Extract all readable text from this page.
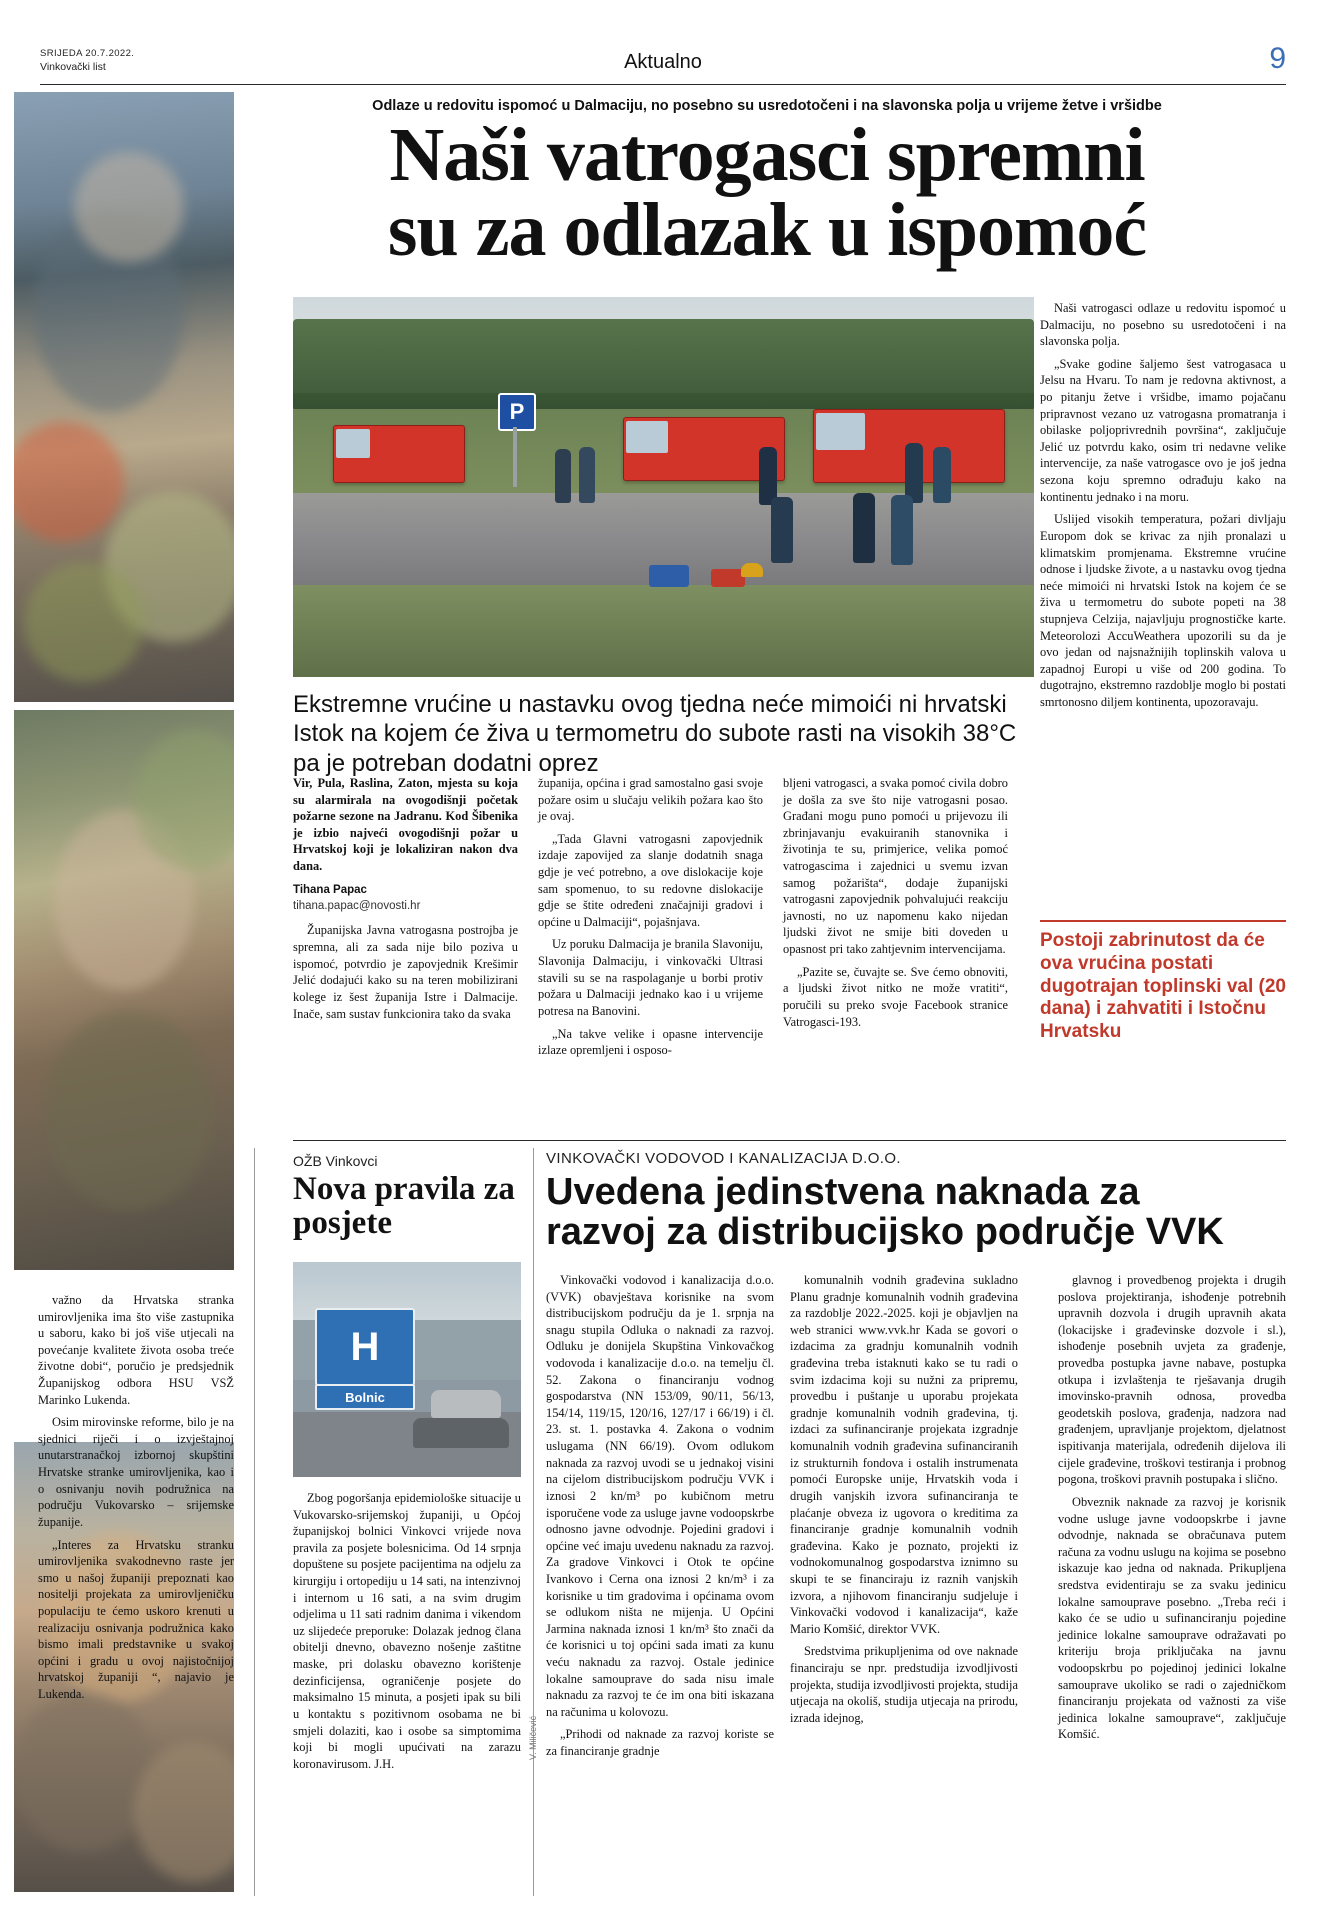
SRIJEDA 20.7.2022.
Vinkovački list	Aktualno	9
Odlaze u redovitu ispomoć u Dalmaciju, no posebno su usredotočeni i na slavonska polja u vrijeme žetve i vršidbe
Naši vatrogasci spremni
su za odlazak u ispomoć
P
Ekstremne vrućine u nastavku ovog tjedna neće mimoići ni hrvatski Istok na kojem će živa u termometru do subote rasti na visokih 38°C pa je potreban dodatni oprez

Vir, Pula, Raslina, Zaton, mjesta su koja su alarmirala na ovogodišnji početak požarne sezone na Jadranu. Kod Šibenika je izbio najveći ovogodišnji požar u Hrvatskoj koji je lokaliziran nakon dva dana.

Tihana Papac
tihana.papac@novosti.hr

Županijska Javna vatrogasna postrojba je spremna, ali za sada nije bilo poziva u ispomoć, potvrdio je zapovjednik Krešimir Jelić dodajući kako su na teren mobilizirani kolege iz šest županija Istre i Dalmacije. Inače, sam sustav funkcionira tako da svaka

županija, općina i grad samostalno gasi svoje požare osim u slučaju velikih požara kao što je ovaj.

„Tada Glavni vatrogasni zapovjednik izdaje zapovijed za slanje dodatnih snaga gdje je već potrebno, a ove dislokacije koje sam spomenuo, to su redovne dislokacije gdje se štite određeni značajniji gradovi i općine u Dalmaciji“, pojašnjava.

Uz poruku Dalmacija je branila Slavoniju, Slavonija Dalmaciju, i vinkovački Ultrasi stavili su se na raspolaganje u borbi protiv požara u Dalmaciji jednako kao i u vrijeme potresa na Banovini.

„Na takve velike i opasne intervencije izlaze opremljeni i osposo-

bljeni vatrogasci, a svaka pomoć civila dobro je došla za sve što nije vatrogasni posao. Građani mogu puno pomoći u prijevozu ili zbrinjavanju evakuiranih stanovnika i životinja te su, primjerice, velika pomoć vatrogascima i zajednici u svemu izvan samog požarišta“, dodaje županijski vatrogasni zapovjednik pohvalujući reakciju javnosti, no uz napomenu kako nijedan ljudski život ne smije biti doveden u opasnost pri tako zahtjevnim intervencijama.

„Pazite se, čuvajte se. Sve ćemo obnoviti, a ljudski život nitko ne može vratiti“, poručili su preko svoje Facebook stranice Vatrogasci-193.

Naši vatrogasci odlaze u redovitu ispomoć u Dalmaciju, no posebno su usredotočeni i na slavonska polja.

„Svake godine šaljemo šest vatrogasaca u Jelsu na Hvaru. To nam je redovna aktivnost, a po pitanju žetve i vršidbe, imamo pojačanu pripravnost vezano uz vatrogasna promatranja i obilaske poljoprivrednih površina“, zaključuje Jelić uz potvrdu kako, osim tri nedavne velike intervencije, za naše vatrogasce ovo je još jedna sezona koju spremno odrađuju kako na kontinentu jednako i na moru.

Uslijed visokih temperatura, požari divljaju Europom dok se krivac za njih pronalazi u klimatskim promjenama. Ekstremne vrućine odnose i ljudske živote, a u nastavku ovog tjedna neće mimoići ni hrvatski Istok na kojem će se živa u termometru do subote popeti na 38 stupnjeva Celzija, najavljuju prognostičke karte. Meteorolozi AccuWeathera upozorili su da je ovo jedan od najsnažnijih toplinskih valova u zapadnoj Europi u više od 200 godina. To dugotrajno, ekstremno razdoblje moglo bi postati smrtonosno diljem kontinenta, upozoravaju.

Postoji zabrinutost da će ova vrućina postati dugotrajan toplinski val (20 dana) i zahvatiti i Istočnu Hrvatsku

važno da Hrvatska stranka umirovljenika ima što više zastupnika u saboru, kako bi još više utjecali na povećanje kvalitete života osoba treće životne dobi“, poručio je predsjednik Županijskog odbora HSU VSŽ Marinko Lukenda.

Osim mirovinske reforme, bilo je na sjednici riječi i o izvještajnoj unutarstranačkoj izbornoj skupštini Hrvatske stranke umirovljenika, kao i o osnivanju novih podružnica na području Vukovarsko – srijemske županije.

„Interes za Hrvatsku stranku umirovljenika svakodnevno raste jer smo u našoj županiji prepoznati kao nositelji projekata za umirovljeničku populaciju te ćemo uskoro krenuti u realizaciju osnivanja podružnica kako bismo imali predstavnike u svakoj općini i gradu u ovoj najistočnijoj hrvatskoj županiji “, najavio je Lukenda.

OŽB Vinkovci
Nova pravila za posjete
H
Bolnic

Zbog pogoršanja epidemiološke situacije u Vukovarsko-srijemskoj županiji, u Općoj županijskoj bolnici Vinkovci vrijede nova pravila za posjete bolesnicima. Od 14 srpnja dopuštene su posjete pacijentima na odjelu za kirurgiju i ortopediju u 14 sati, na intenzivnoj i internom u 16 sati, a na svim drugim odjelima u 11 sati radnim danima i vikendom uz slijedeće preporuke: Dolazak jednog člana obitelji dnevno, obavezno nošenje zaštitne maske, pri dolasku obavezno korištenje dezinficijensa, ograničenje posjete do maksimalno 15 minuta, a posjeti ipak su bili u kontaktu s pozitivnom osobama ne bi smjeli dolaziti, kao i osobe sa simptomima koji bi mogli upućivati na zarazu koronavirusom. J.H.

VINKOVAČKI VODOVOD I KANALIZACIJA D.O.O.
Uvedena jedinstvena naknada za
razvoj za distribucijsko područje VVK

Vinkovački vodovod i kanalizacija d.o.o. (VVK) obavještava korisnike na svom distribucijskom području da je 1. srpnja na snagu stupila Odluka o naknadi za razvoj. Odluku je donijela Skupština Vinkovačkog vodovoda i kanalizacije d.o.o. na temelju čl. 52. Zakona o financiranju vodnog gospodarstva (NN 153/09, 90/11, 56/13, 154/14, 119/15, 120/16, 127/17 i 66/19) i čl. 23. st. 1. postavka 4. Zakona o vodnim uslugama (NN 66/19). Ovom odlukom naknada za razvoj uvodi se u jednakoj visini na cijelom distribucijskom području VVK i iznosi 2 kn/m³ po kubičnom metru isporučene vode za usluge javne vodoopskrbe odnosno javne odvodnje. Pojedini gradovi i općine već imaju uvedenu naknadu za razvoj. Za gradove Vinkovci i Otok te općine Ivankovo i Cerna ona iznosi 2 kn/m³ i za korisnike u tim gradovima i općinama ovom se odlukom ništa ne mijenja. U Općini Jarmina naknada iznosi 1 kn/m³ što znači da će korisnici u toj općini sada imati za kunu veću naknadu za razvoj. Ostale jedinice lokalne samouprave do sada nisu imale naknadu za razvoj te će im ona biti iskazana na računima u kolovozu.

„Prihodi od naknade za razvoj koriste se za financiranje gradnje

komunalnih vodnih građevina sukladno Planu gradnje komunalnih vodnih građevina za razdoblje 2022.-2025. koji je objavljen na web stranici www.vvk.hr Kada se govori o izdacima za gradnju komunalnih vodnih građevina treba istaknuti kako se tu radi o svim izdacima koji su nužni za pripremu, provedbu i puštanje u uporabu projekata gradnje komunalnih vodnih građevina, tj. izdaci za sufinanciranje projekata izgradnje komunalnih vodnih građevina sufinanciranih iz strukturnih fondova i ostalih instrumenata pomoći Europske unije, Hrvatskih voda i drugih vanjskih izvora sufinanciranja te plaćanje obveza iz ugovora o kreditima za financiranje gradnje komunalnih vodnih građevina. Kako je poznato, projekti iz vodnokomunalnog gospodarstva iznimno su skupi te se financiraju iz raznih vanjskih izvora, a njihovom financiranju sudjeluje i Vinkovački vodovod i kanalizacija“, kaže Mario Komšić, direktor VVK.

Sredstvima prikupljenima od ove naknade financiraju se npr. predstudija izvodljivosti projekta, studija izvodljivosti projekta, studija utjecaja na okoliš, studija utjecaja na prirodu, izrada idejnog,

glavnog i provedbenog projekta i drugih poslova projektiranja, ishođenje potrebnih upravnih dozvola i drugih upravnih akata (lokacijske i građevinske dozvole i sl.), ishođenje posebnih uvjeta za građenje, provedba postupka javne nabave, postupka otkupa i izvlaštenja te rješavanja drugih imovinsko-pravnih odnosa, provedba geodetskih poslova, građenja, nadzora nad građenjem, upravljanje projektom, djelatnost ispitivanja materijala, određenih dijelova ili cijele građevine, troškovi testiranja i probnog pogona, troškovi pravnih postupaka i slično.

Obveznik naknade za razvoj je korisnik vodne usluge javne vodoopskrbe i javne odvodnje, naknada se obračunava putem računa za vodnu uslugu na kojima se posebno iskazuje kao jedna od naknada. Prikupljena sredstva evidentiraju se za svaku jedinicu lokalne samouprave posebno. „Treba reći i kako će se udio u sufinanciranju pojedine jedinice lokalne samouprave odražavati po kriteriju broja priključaka na javnu vodoopskrbu po pojedinoj jedinici lokalne samouprave ukoliko se radi o zajedničkom financiranju projekata od važnosti za više jedinica lokalne samouprave“, zaključuje Komšić.

V. Miličević
